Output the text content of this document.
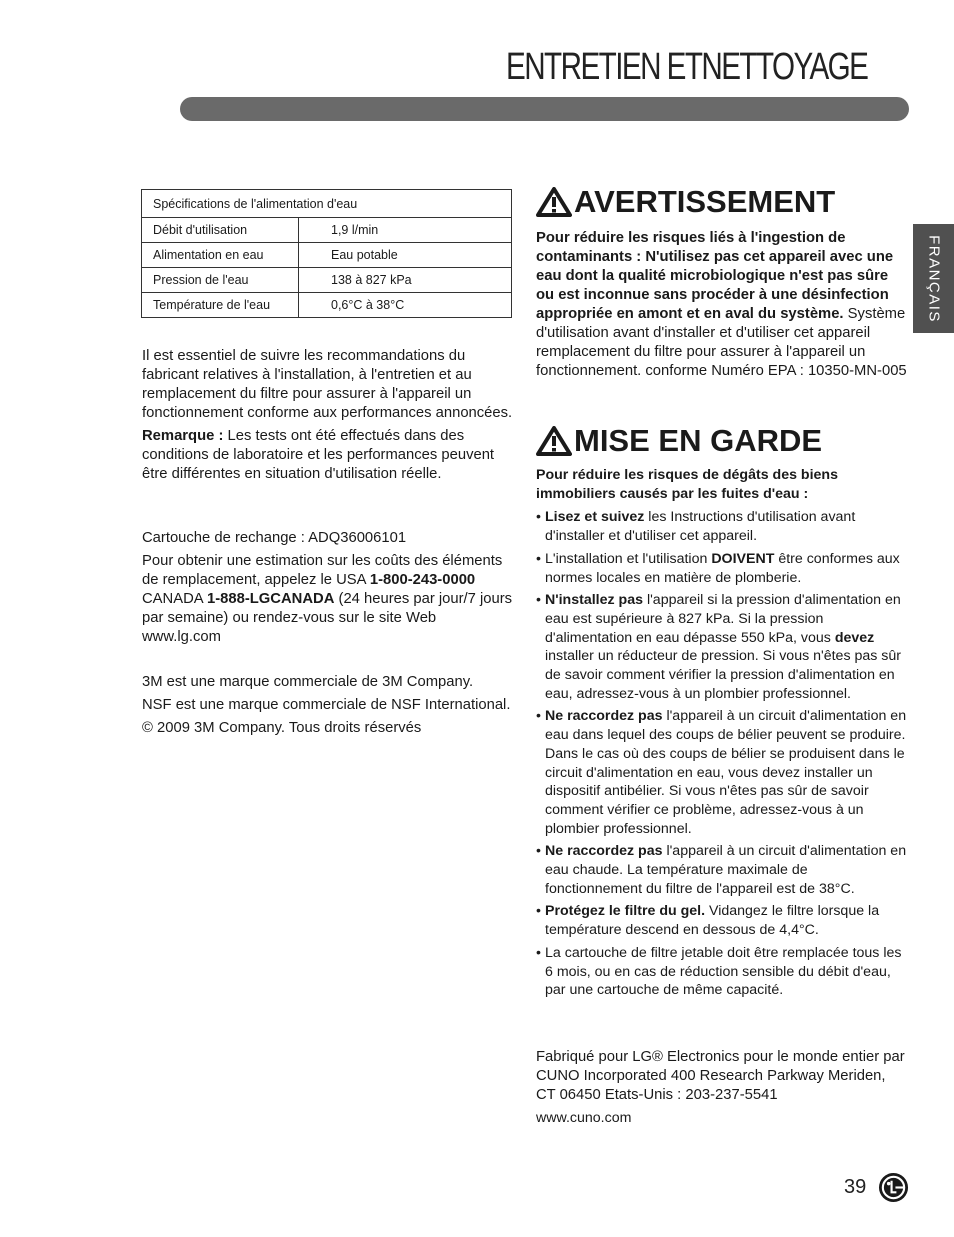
ENTRETIEN ETNETTOYAGE
FRANÇAIS
Spécifications de l'alimentation d'eau	
Débit d'utilisation	1,9 l/min
Alimentation en eau	Eau potable
Pression de l'eau	138 à 827 kPa
Température de l'eau	0,6°C à 38°C

Il est essentiel de suivre les recommandations du fabricant relatives à l'installation, à l'entretien et au remplacement du filtre pour assurer à l'appareil un fonctionnement conforme aux performances annoncées.

Remarque : Les tests ont été effectués dans des conditions de laboratoire et les performances peuvent être différentes en situation d'utilisation réelle.

Cartouche de rechange : ADQ36006101

Pour obtenir une estimation sur les coûts des éléments de remplacement, appelez le USA 1-800-243-0000 CANADA 1-888-LGCANADA (24 heures par jour/7 jours par semaine) ou rendez-vous sur le site Web www.lg.com

3M est une marque commerciale de 3M Company.

NSF est une marque commerciale de NSF International.

© 2009 3M Company. Tous droits réservés

AVERTISSEMENT

Pour réduire les risques liés à l'ingestion de contaminants : N'utilisez pas cet appareil avec une eau dont la qualité microbiologique n'est pas sûre ou est inconnue sans procéder à une désinfection appropriée en amont et en aval du système. Système d'utilisation avant d'installer et d'utiliser cet appareil remplacement du filtre pour assurer à l'appareil un fonctionnement. conforme Numéro EPA : 10350-MN-005

MISE EN GARDE

Pour réduire les risques de dégâts des biens immobiliers causés par les fuites d'eau :

• Lisez et suivez les Instructions d'utilisation avant d'installer et d'utiliser cet appareil.
• L'installation et l'utilisation DOIVENT être conformes aux normes locales en matière de plomberie.
• N'installez pas l'appareil si la pression d'alimentation en eau est supérieure à 827 kPa. Si la pression d'alimentation en eau dépasse 550 kPa, vous devez installer un réducteur de pression. Si vous n'êtes pas sûr de savoir comment vérifier la pression d'alimentation en eau, adressez-vous à un plombier professionnel.
• Ne raccordez pas l'appareil à un circuit d'alimentation en eau dans lequel des coups de bélier peuvent se produire. Dans le cas où des coups de bélier se produisent dans le circuit d'alimentation en eau, vous devez installer un dispositif antibélier. Si vous n'êtes pas sûr de savoir comment vérifier ce problème, adressez-vous à un plombier professionnel.
• Ne raccordez pas l'appareil à un circuit d'alimentation en eau chaude. La température maximale de fonctionnement du filtre de l'appareil est de 38°C.
• Protégez le filtre du gel. Vidangez le filtre lorsque la température descend en dessous de 4,4°C.
• La cartouche de filtre jetable doit être remplacée tous les 6 mois, ou en cas de réduction sensible du débit d'eau, par une cartouche de même capacité.

Fabriqué pour LG® Electronics pour le monde entier par CUNO Incorporated 400 Research Parkway Meriden, CT 06450 Etats-Unis : 203-237-5541

www.cuno.com

39
